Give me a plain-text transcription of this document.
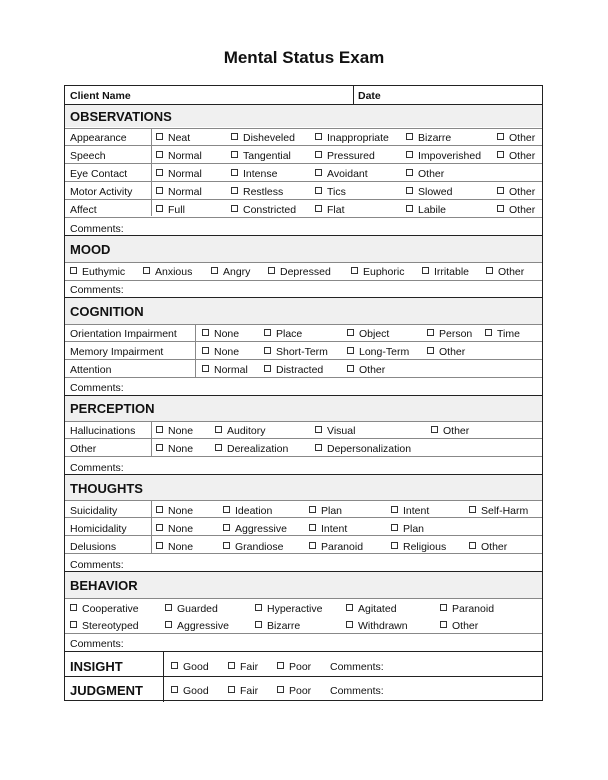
Mental Status Exam
Client Name	Date
OBSERVATIONS
Appearance	Neat	Disheveled	Inappropriate	Bizarre	Other
Speech	Normal	Tangential	Pressured	Impoverished	Other
Eye Contact	Normal	Intense	Avoidant	Other
Motor Activity	Normal	Restless	Tics	Slowed	Other
Affect	Full	Constricted	Flat	Labile	Other
Comments:
MOOD
Euthymic	Anxious	Angry	Depressed	Euphoric	Irritable	Other
Comments:
COGNITION
Orientation Impairment	None	Place	Object	Person	Time
Memory Impairment	None	Short-Term	Long-Term	Other
Attention	Normal	Distracted	Other
Comments:
PERCEPTION
Hallucinations	None	Auditory	Visual	Other
Other	None	Derealization	Depersonalization
Comments:
THOUGHTS
Suicidality	None	Ideation	Plan	Intent	Self-Harm
Homicidality	None	Aggressive	Intent	Plan
Delusions	None	Grandiose	Paranoid	Religious	Other
Comments:
BEHAVIOR
Cooperative	Guarded	Hyperactive	Agitated	Paranoid
Stereotyped	Aggressive	Bizarre	Withdrawn	Other
Comments:
INSIGHT	Good	Fair	Poor Comments:
JUDGMENT	Good	Fair	Poor Comments:
